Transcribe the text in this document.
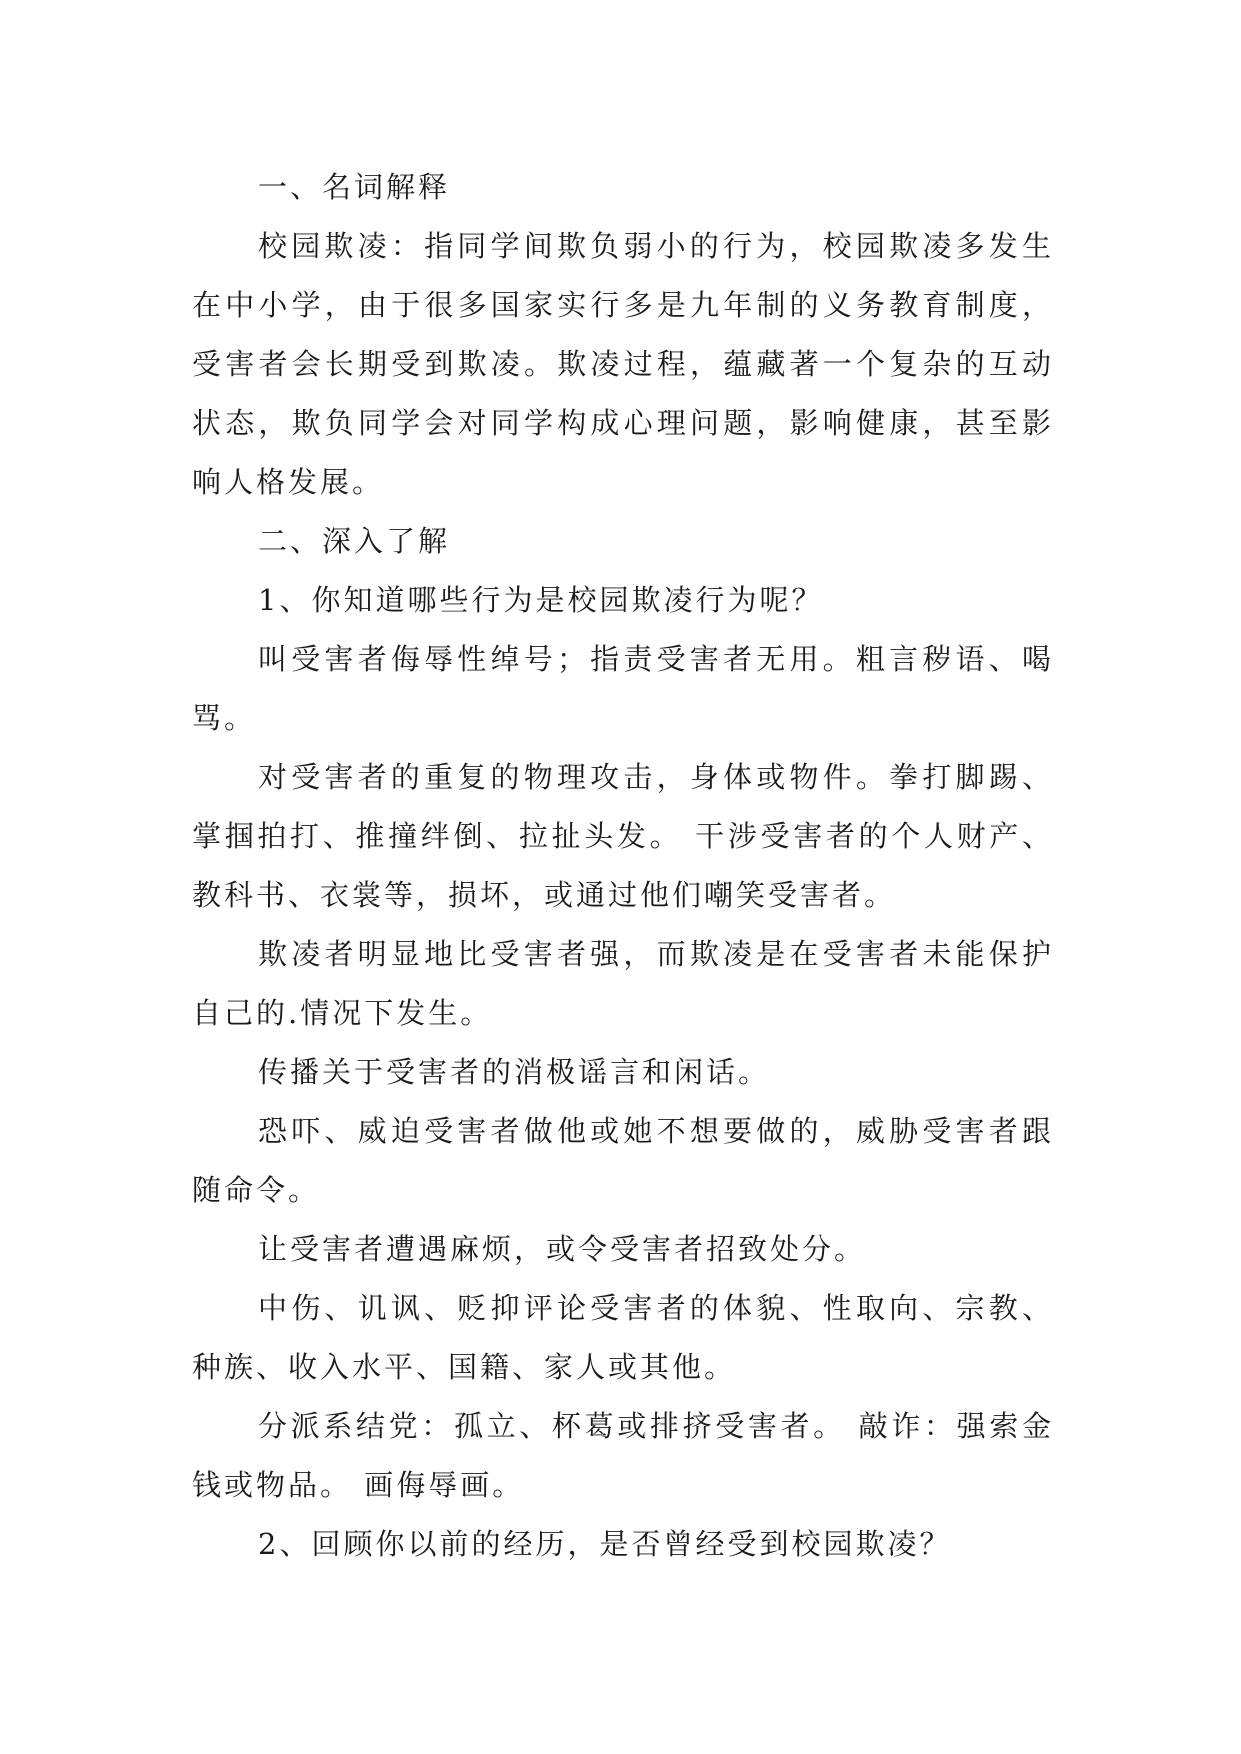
一、名词解释

校园欺凌：指同学间欺负弱小的行为，校园欺凌多发生在中小学，由于很多国家实行多是九年制的义务教育制度，受害者会长期受到欺凌。欺凌过程，蕴藏著一个复杂的互动状态，欺负同学会对同学构成心理问题，影响健康，甚至影响人格发展。

二、深入了解

1、你知道哪些行为是校园欺凌行为呢？

叫受害者侮辱性绰号；指责受害者无用。粗言秽语、喝骂。

对受害者的重复的物理攻击，身体或物件。拳打脚踢、掌掴拍打、推撞绊倒、拉扯头发。 干涉受害者的个人财产、教科书、衣裳等，损坏，或通过他们嘲笑受害者。

欺凌者明显地比受害者强，而欺凌是在受害者未能保护自己的.情况下发生。

传播关于受害者的消极谣言和闲话。

恐吓、威迫受害者做他或她不想要做的，威胁受害者跟随命令。

让受害者遭遇麻烦，或令受害者招致处分。

中伤、讥讽、贬抑评论受害者的体貌、性取向、宗教、种族、收入水平、国籍、家人或其他。

分派系结党：孤立、杯葛或排挤受害者。 敲诈：强索金钱或物品。 画侮辱画。

2、回顾你以前的经历，是否曾经受到校园欺凌？
